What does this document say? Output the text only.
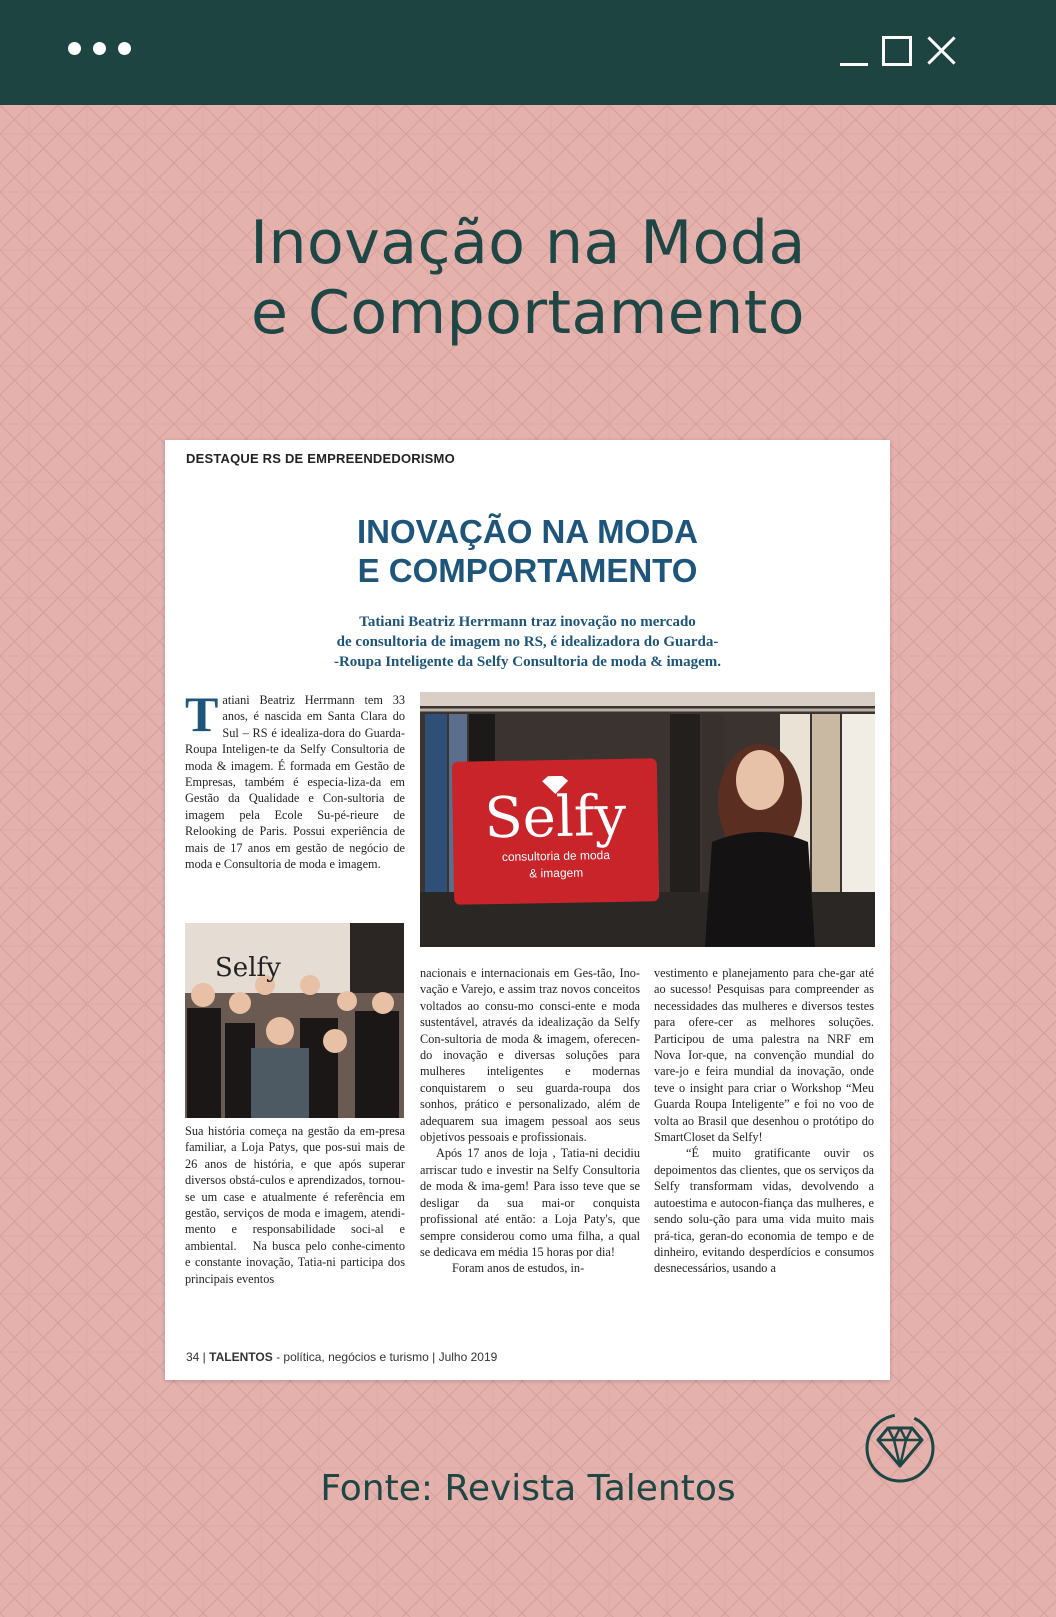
Inovação na Moda
e Comportamento

DESTAQUE RS DE EMPREENDEDORISMO

INOVAÇÃO NA MODA
E COMPORTAMENTO

Tatiani Beatriz Herrmann traz inovação no mercado
de consultoria de imagem no RS, é idealizadora do Guarda-
-Roupa Inteligente da Selfy Consultoria de moda & imagem.

Tatiani Beatriz Herrmann tem 33 anos, é nascida em Santa Clara do Sul – RS é idealiza-dora do Guarda-Roupa Inteligen-te da Selfy Consultoria de moda & imagem. É formada em Gestão de Empresas, também é especia-liza-da em Gestão da Qualidade e Con-sultoria de imagem pela Ecole Su-pé-rieure de Relooking de Paris. Possui experiência de mais de 17 anos em gestão de negócio de moda e Consultoria de moda e imagem.

Selfy
consultoria de moda
& imagem
Selfy

Sua história começa na gestão da em-presa familiar, a Loja Patys, que pos-sui mais de 26 anos de história, e que após superar diversos obstá-culos e aprendizados, tornou-se um case e atualmente é referência em gestão, serviços de moda e imagem, atendi-mento e responsabilidade soci-al e ambiental. Na busca pelo conhe-cimento e constante inovação, Tatia-ni participa dos principais eventos

nacionais e internacionais em Ges-tão, Ino-vação e Varejo, e assim traz novos conceitos voltados ao consu-mo consci-ente e moda sustentável, através da idealização da Selfy Con-sultoria de moda & imagem, oferecen-do inovação e diversas soluções para mulheres inteligentes e modernas conquistarem o seu guarda-roupa dos sonhos, prático e personalizado, além de adequarem sua imagem pessoal aos seus objetivos pessoais e profissionais.
Após 17 anos de loja , Tatia-ni decidiu arriscar tudo e investir na Selfy Consultoria de moda & ima-gem! Para isso teve que se desligar da sua mai-or conquista profissional até então: a Loja Paty's, que sempre considerou como uma filha, a qual se dedicava em média 15 horas por dia!
Foram anos de estudos, in-
vestimento e planejamento para che-gar até ao sucesso! Pesquisas para compreender as necessidades das mulheres e diversos testes para ofere-cer as melhores soluções. Participou de uma palestra na NRF em Nova Ior-que, na convenção mundial do vare-jo e feira mundial da inovação, onde teve o insight para criar o Workshop “Meu Guarda Roupa Inteligente” e foi no voo de volta ao Brasil que desenhou o protótipo do SmartCloset da Selfy!
“É muito gratificante ouvir os depoimentos das clientes, que os serviços da Selfy transformam vidas, devolvendo a autoestima e autocon-fiança das mulheres, e sendo solu-ção para uma vida muito mais prá-tica, geran-do economia de tempo e de dinheiro, evitando desperdícios e consumos desnecessários, usando a

34 | TALENTOS - política, negócios e turismo | Julho 2019

Fonte: Revista Talentos
